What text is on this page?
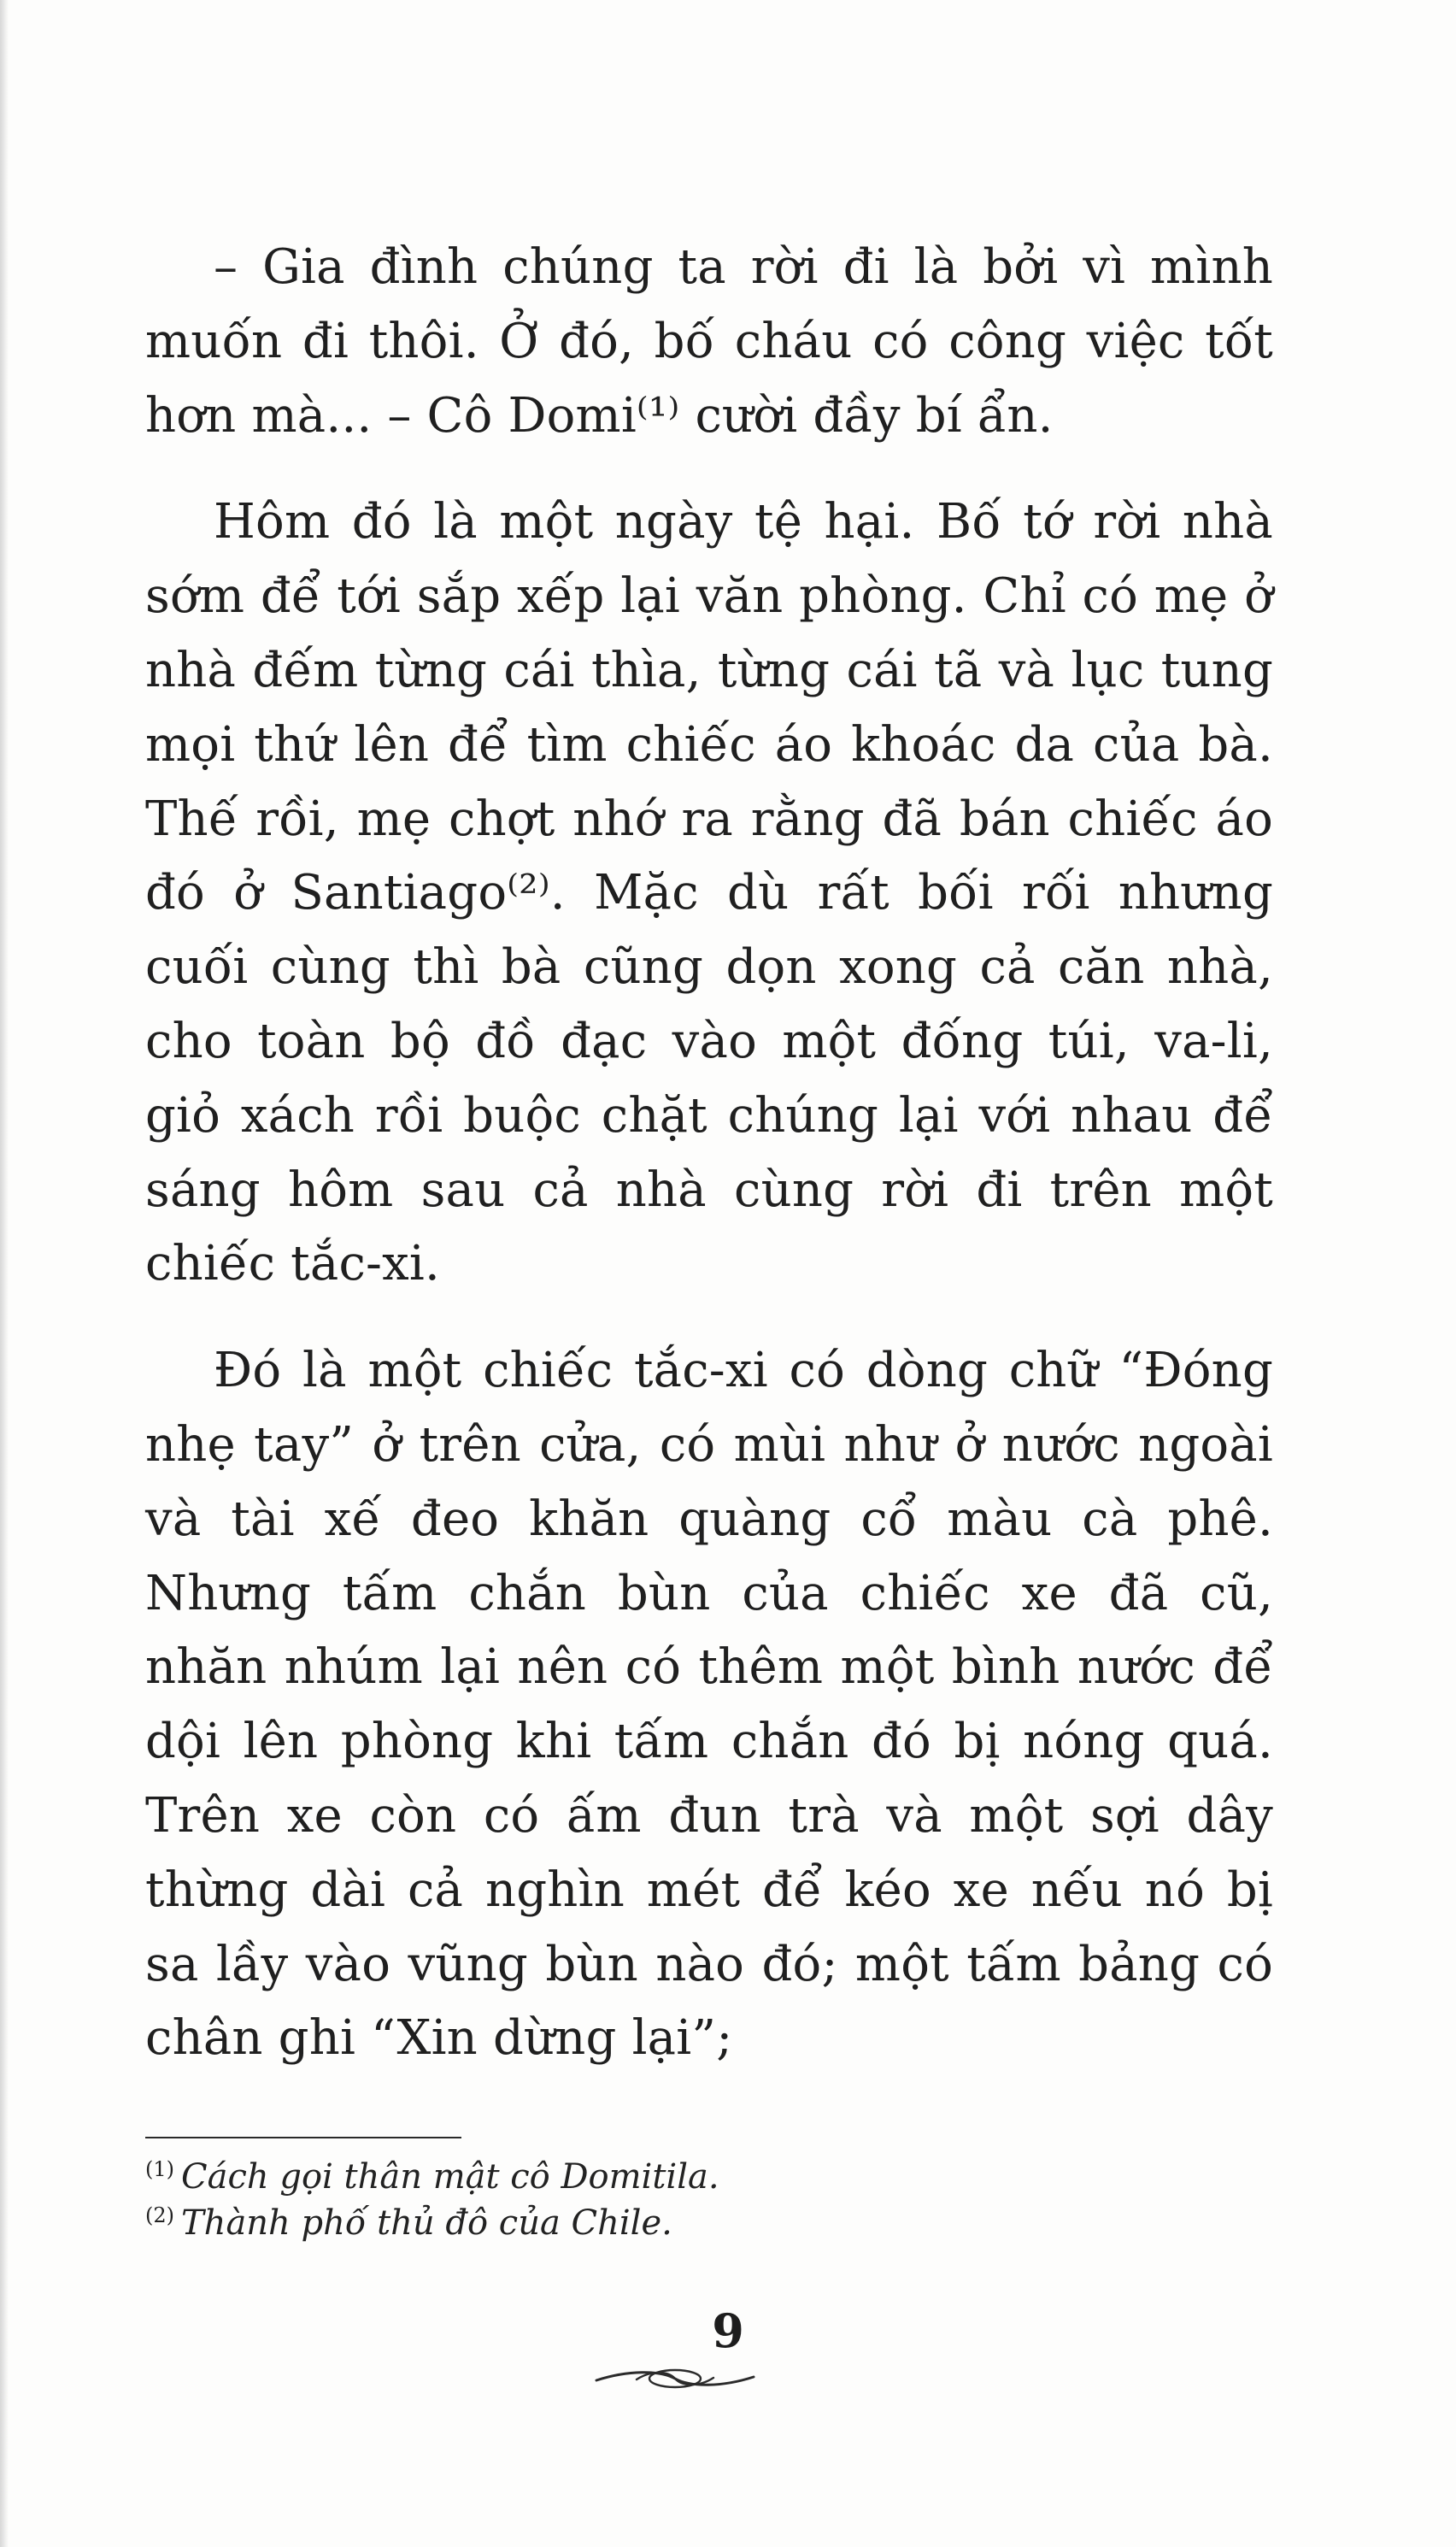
– Gia đình chúng ta rời đi là bởi vì mình muốn đi thôi. Ở đó, bố cháu có công việc tốt hơn mà... – Cô Domi⁽¹⁾ cười đầy bí ẩn.

Hôm đó là một ngày tệ hại. Bố tớ rời nhà sớm để tới sắp xếp lại văn phòng. Chỉ có mẹ ở nhà đếm từng cái thìa, từng cái tã và lục tung mọi thứ lên để tìm chiếc áo khoác da của bà. Thế rồi, mẹ chợt nhớ ra rằng đã bán chiếc áo đó ở Santiago⁽²⁾. Mặc dù rất bối rối nhưng cuối cùng thì bà cũng dọn xong cả căn nhà, cho toàn bộ đồ đạc vào một đống túi, va-li, giỏ xách rồi buộc chặt chúng lại với nhau để sáng hôm sau cả nhà cùng rời đi trên một chiếc tắc-xi.

Đó là một chiếc tắc-xi có dòng chữ “Đóng nhẹ tay” ở trên cửa, có mùi như ở nước ngoài và tài xế đeo khăn quàng cổ màu cà phê. Nhưng tấm chắn bùn của chiếc xe đã cũ, nhăn nhúm lại nên có thêm một bình nước để dội lên phòng khi tấm chắn đó bị nóng quá. Trên xe còn có ấm đun trà và một sợi dây thừng dài cả nghìn mét để kéo xe nếu nó bị sa lầy vào vũng bùn nào đó; một tấm bảng có chân ghi “Xin dừng lại”;

$^{(1)}$ Cách gọi thân mật cô Domitila.

$^{(2)}$ Thành phố thủ đô của Chile.

9
